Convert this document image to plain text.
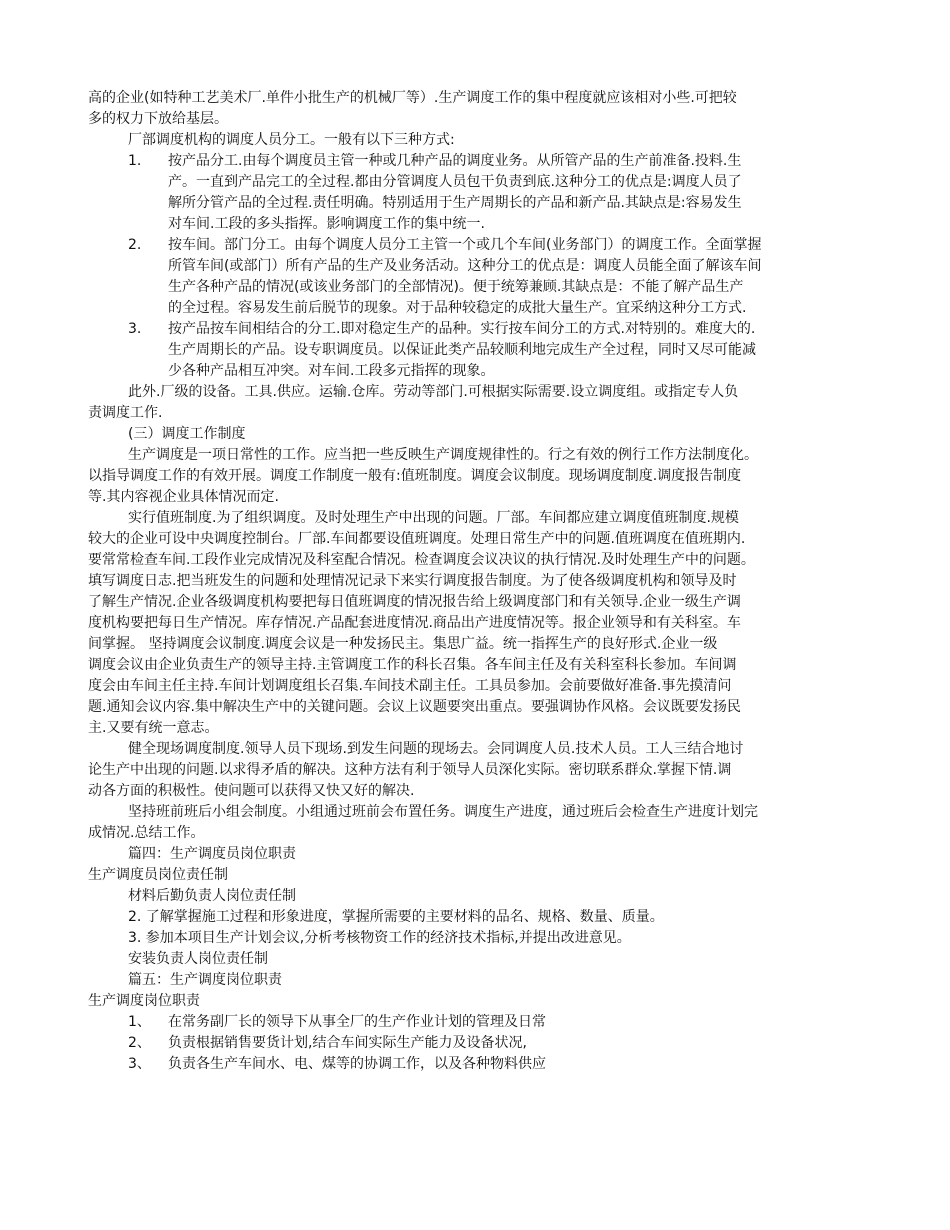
高的企业(如特种工艺美术厂.单件小批生产的机械厂等）.生产调度工作的集中程度就应该相对小些.可把较
多的权力下放给基层。
厂部调度机构的调度人员分工。一般有以下三种方式:
1. 按产品分工.由每个调度员主管一种或几种产品的调度业务。从所管产品的生产前准备.投料.生
产。一直到产品完工的全过程.都由分管调度人员包干负责到底.这种分工的优点是:调度人员了
解所分管产品的全过程.责任明确。特别适用于生产周期长的产品和新产品.其缺点是:容易发生
对车间.工段的多头指挥。影响调度工作的集中统一.
2. 按车间。部门分工。由每个调度人员分工主管一个或几个车间(业务部门）的调度工作。全面掌握
所管车间(或部门）所有产品的生产及业务活动。这种分工的优点是：调度人员能全面了解该车间
生产各种产品的情况(或该业务部门的全部情况)。便于统筹兼顾.其缺点是：不能了解产品生产
的全过程。容易发生前后脱节的现象。对于品种较稳定的成批大量生产。宜采纳这种分工方式.
3. 按产品按车间相结合的分工.即对稳定生产的品种。实行按车间分工的方式.对特别的。难度大的.
生产周期长的产品。设专职调度员。以保证此类产品较顺利地完成生产全过程，同时又尽可能减
少各种产品相互冲突。对车间.工段多元指挥的现象。
此外.厂级的设备。工具.供应。运输.仓库。劳动等部门.可根据实际需要.设立调度组。或指定专人负
责调度工作.
(三）调度工作制度
生产调度是一项日常性的工作。应当把一些反映生产调度规律性的。行之有效的例行工作方法制度化。
以指导调度工作的有效开展。调度工作制度一般有:值班制度。调度会议制度。现场调度制度.调度报告制度
等.其内容视企业具体情况而定.
实行值班制度.为了组织调度。及时处理生产中出现的问题。厂部。车间都应建立调度值班制度.规模
较大的企业可设中央调度控制台。厂部.车间都要设值班调度。处理日常生产中的问题.值班调度在值班期内.
要常常检查车间.工段作业完成情况及科室配合情况。检查调度会议决议的执行情况.及时处理生产中的问题。
填写调度日志.把当班发生的问题和处理情况记录下来实行调度报告制度。为了使各级调度机构和领导及时
了解生产情况.企业各级调度机构要把每日值班调度的情况报告给上级调度部门和有关领导.企业一级生产调
度机构要把每日生产情况。库存情况.产品配套进度情况.商品出产进度情况等。报企业领导和有关科室。车
间掌握。 坚持调度会议制度.调度会议是一种发扬民主。集思广益。统一指挥生产的良好形式.企业一级
调度会议由企业负责生产的领导主持.主管调度工作的科长召集。各车间主任及有关科室科长参加。车间调
度会由车间主任主持.车间计划调度组长召集.车间技术副主任。工具员参加。会前要做好准备.事先摸清问
题.通知会议内容.集中解决生产中的关键问题。会议上议题要突出重点。要强调协作风格。会议既要发扬民
主.又要有统一意志。
健全现场调度制度.领导人员下现场.到发生问题的现场去。会同调度人员.技术人员。工人三结合地讨
论生产中出现的问题.以求得矛盾的解决。这种方法有利于领导人员深化实际。密切联系群众.掌握下情.调
动各方面的积极性。使问题可以获得又快又好的解决.
坚持班前班后小组会制度。小组通过班前会布置任务。调度生产进度，通过班后会检查生产进度计划完
成情况.总结工作。
篇四：生产调度员岗位职责
生产调度员岗位责任制
材料后勤负责人岗位责任制
2. 了解掌握施工过程和形象进度，掌握所需要的主要材料的品名、规格、数量、质量。
3. 参加本项目生产计划会议,分析考核物资工作的经济技术指标,并提出改进意见。
安装负责人岗位责任制
篇五：生产调度岗位职责
生产调度岗位职责
1、 在常务副厂长的领导下从事全厂的生产作业计划的管理及日常
2、 负责根据销售要货计划,结合车间实际生产能力及设备状况,
3、 负责各生产车间水、电、煤等的协调工作，以及各种物料供应
